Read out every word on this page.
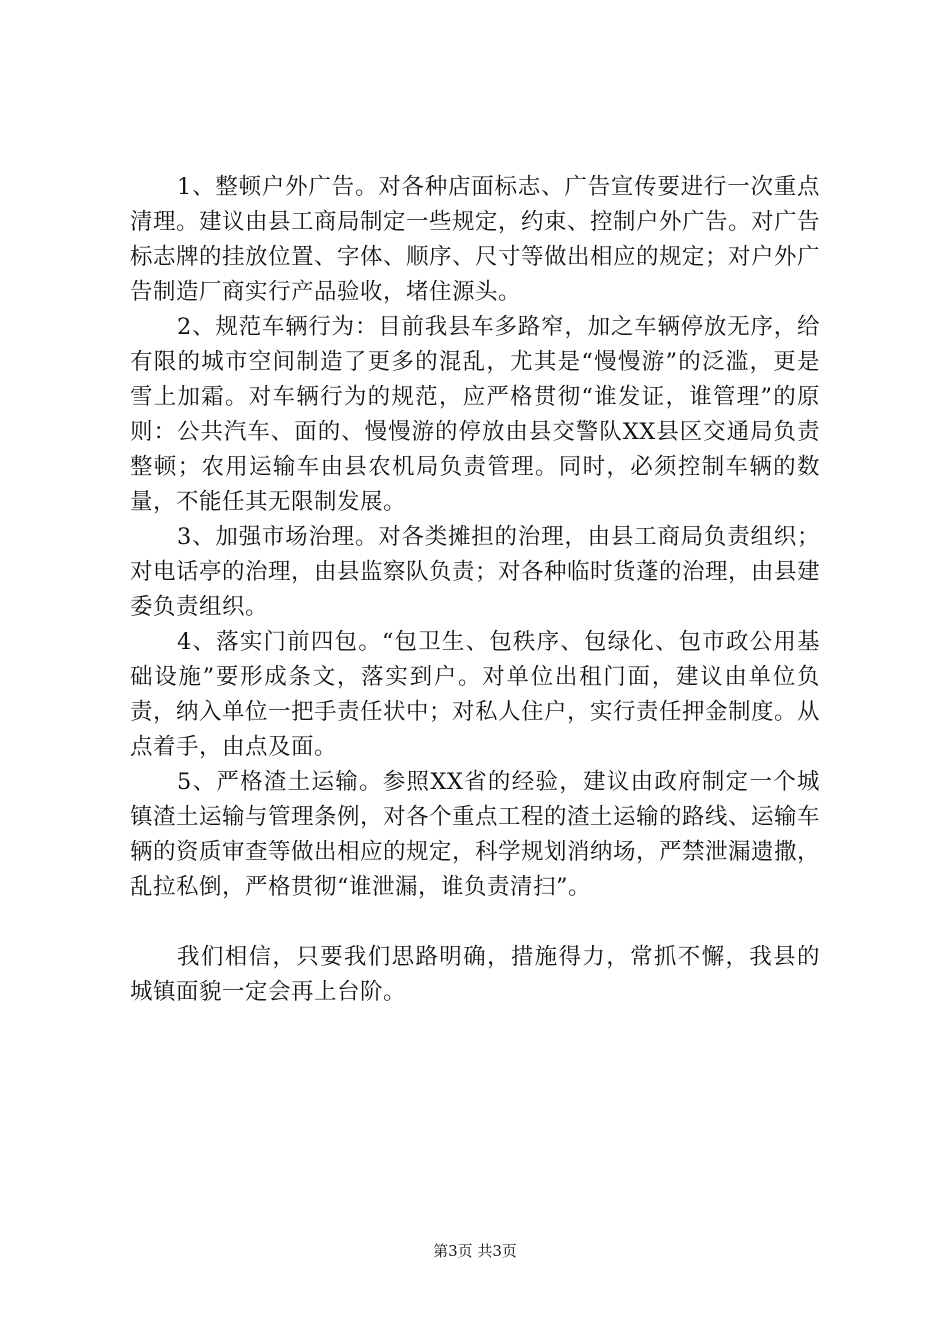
1、整顿户外广告。对各种店面标志、广告宣传要进行一次重点清理。建议由县工商局制定一些规定，约束、控制户外广告。对广告标志牌的挂放位置、字体、顺序、尺寸等做出相应的规定；对户外广告制造厂商实行产品验收，堵住源头。

2、规范车辆行为：目前我县车多路窄，加之车辆停放无序，给有限的城市空间制造了更多的混乱，尤其是“慢慢游”的泛滥，更是雪上加霜。对车辆行为的规范，应严格贯彻“谁发证，谁管理”的原则：公共汽车、面的、慢慢游的停放由县交警队XX县区交通局负责整顿；农用运输车由县农机局负责管理。同时，必须控制车辆的数量，不能任其无限制发展。

3、加强市场治理。对各类摊担的治理，由县工商局负责组织；对电话亭的治理，由县监察队负责；对各种临时货蓬的治理，由县建委负责组织。

4、落实门前四包。“包卫生、包秩序、包绿化、包市政公用基础设施”要形成条文，落实到户。对单位出租门面，建议由单位负责，纳入单位一把手责任状中；对私人住户，实行责任押金制度。从点着手，由点及面。

5、严格渣土运输。参照XX省的经验，建议由政府制定一个城镇渣土运输与管理条例，对各个重点工程的渣土运输的路线、运输车辆的资质审查等做出相应的规定，科学规划消纳场，严禁泄漏遗撒，乱拉私倒，严格贯彻“谁泄漏，谁负责清扫”。

我们相信，只要我们思路明确，措施得力，常抓不懈，我县的城镇面貌一定会再上台阶。

第3页 共3页
